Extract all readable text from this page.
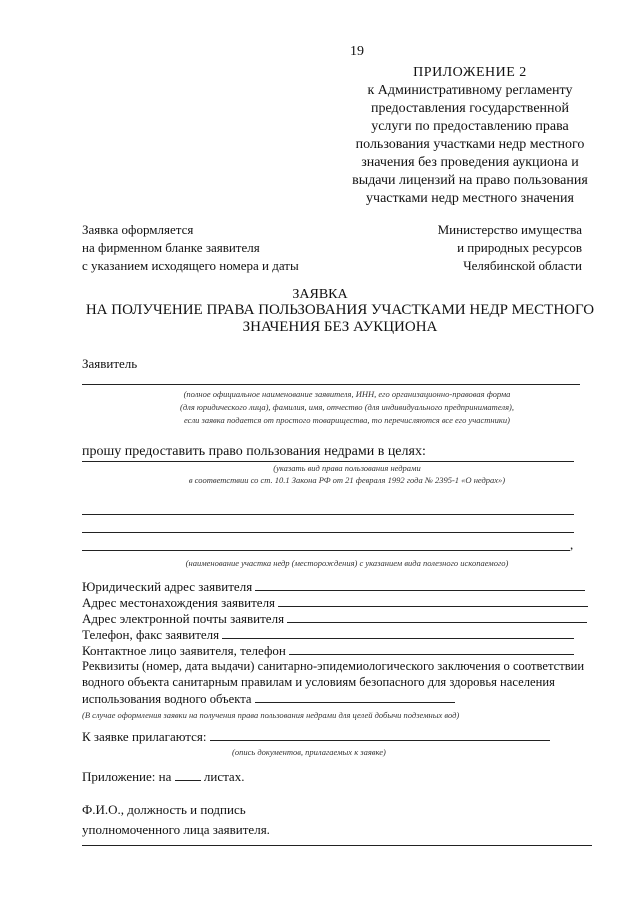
19
ПРИЛОЖЕНИЕ 2
к Административному регламенту
предоставления государственной
услуги по предоставлению права
пользования участками недр местного
значения без проведения аукциона и
выдачи лицензий на право пользования
участками недр местного значения
Заявка оформляется
на фирменном бланке заявителя
с указанием исходящего номера и даты
Министерство имущества
и природных ресурсов
Челябинской области
ЗАЯВКА
НА ПОЛУЧЕНИЕ ПРАВА ПОЛЬЗОВАНИЯ УЧАСТКАМИ НЕДР МЕСТНОГО
ЗНАЧЕНИЯ БЕЗ АУКЦИОНА
Заявитель
(полное официальное наименование заявителя, ИНН, его организационно-правовая форма
(для юридического лица), фамилия, имя, отчество (для индивидуального предпринимателя),
если заявка подается от простого товарищества, то перечисляются все его участники)
прошу предоставить право пользования недрами в целях:
(указать вид права пользования недрами
в соответствии со ст. 10.1 Закона РФ от 21 февраля 1992 года № 2395-1 «О недрах»)
,
(наименование участка недр (месторождения) с указанием вида полезного ископаемого)
Юридический адрес заявителя
Адрес местонахождения заявителя
Адрес электронной почты заявителя
Телефон, факс заявителя
Контактное лицо заявителя, телефон
Реквизиты (номер, дата выдачи) санитарно-эпидемиологического заключения о соответствии
водного объекта санитарным правилам и условиям безопасного для здоровья населения
использования водного объекта
(В случае оформления заявки на получения права пользования недрами для целей добычи подземных вод)
К заявке прилагаются:
(опись документов, прилагаемых к заявке)
Приложение: на	листах.
Ф.И.О., должность и подпись
уполномоченного лица заявителя.
